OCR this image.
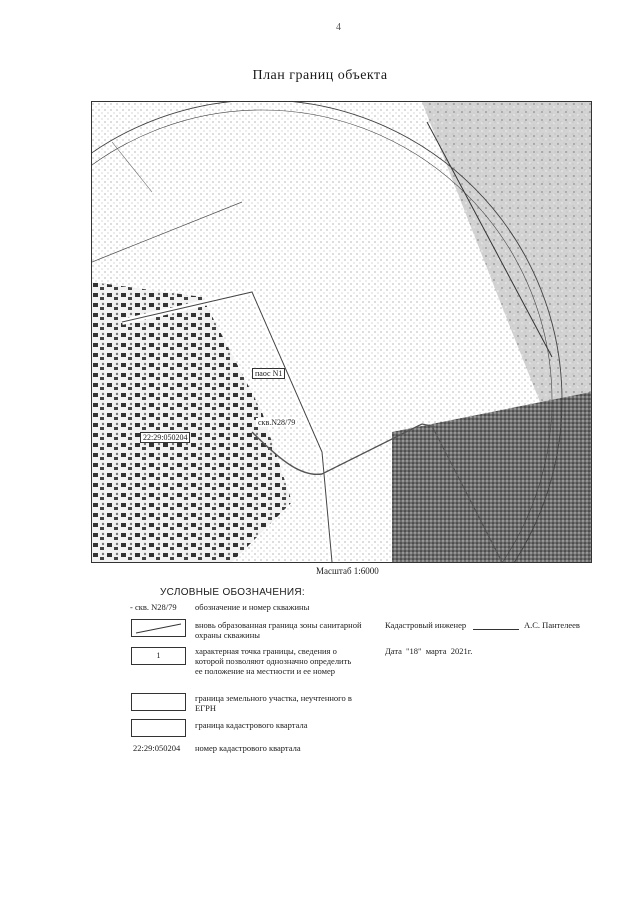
4
План границ объекта
паос N1
скв.N28/79
22:29:050204
Масштаб 1:6000
УСЛОВНЫЕ ОБОЗНАЧЕНИЯ:
- скв. N28/79 обозначение и номер скважины
вновь образованная граница зоны санитарной охраны скважины
1	характерная точка границы, сведения о которой позволяют однозначно определить ее положение на местности и ее номер
граница земельного участка, неучтенного в ЕГРН
граница кадастрового квартала
22:29:050204 номер кадастрового квартала
Кадастровый инженер	А.С. Пантелеев
Дата "18"  марта  2021г.
